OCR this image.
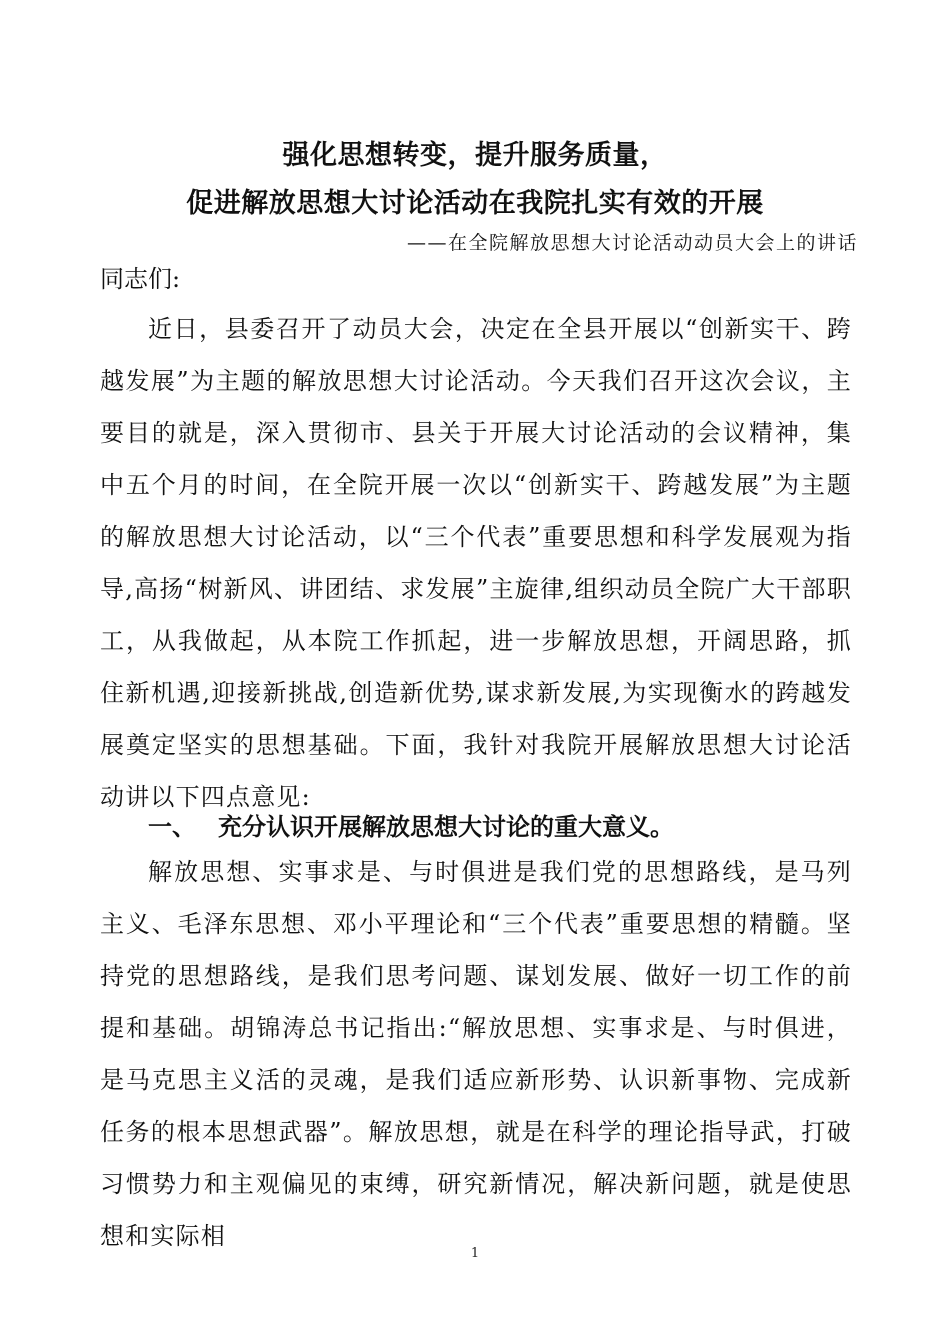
强化思想转变，提升服务质量，
促进解放思想大讨论活动在我院扎实有效的开展
——在全院解放思想大讨论活动动员大会上的讲话
同志们:

近日，县委召开了动员大会，决定在全县开展以“创新实干、跨越发展”为主题的解放思想大讨论活动。今天我们召开这次会议，主要目的就是，深入贯彻市、县关于开展大讨论活动的会议精神，集中五个月的时间，在全院开展一次以“创新实干、跨越发展”为主题的解放思想大讨论活动，以“三个代表”重要思想和科学发展观为指导,高扬“树新风、讲团结、求发展”主旋律,组织动员全院广大干部职工，从我做起，从本院工作抓起，进一步解放思想，开阔思路，抓住新机遇,迎接新挑战,创造新优势,谋求新发展,为实现衡水的跨越发展奠定坚实的思想基础。下面，我针对我院开展解放思想大讨论活动讲以下四点意见:

一、 充分认识开展解放思想大讨论的重大意义。

解放思想、实事求是、与时俱进是我们党的思想路线，是马列主义、毛泽东思想、邓小平理论和“三个代表”重要思想的精髓。坚持党的思想路线，是我们思考问题、谋划发展、做好一切工作的前提和基础。胡锦涛总书记指出:“解放思想、实事求是、与时俱进，是马克思主义活的灵魂，是我们适应新形势、认识新事物、完成新任务的根本思想武器”。解放思想，就是在科学的理论指导武，打破习惯势力和主观偏见的束缚，研究新情况，解决新问题，就是使思想和实际相

1
